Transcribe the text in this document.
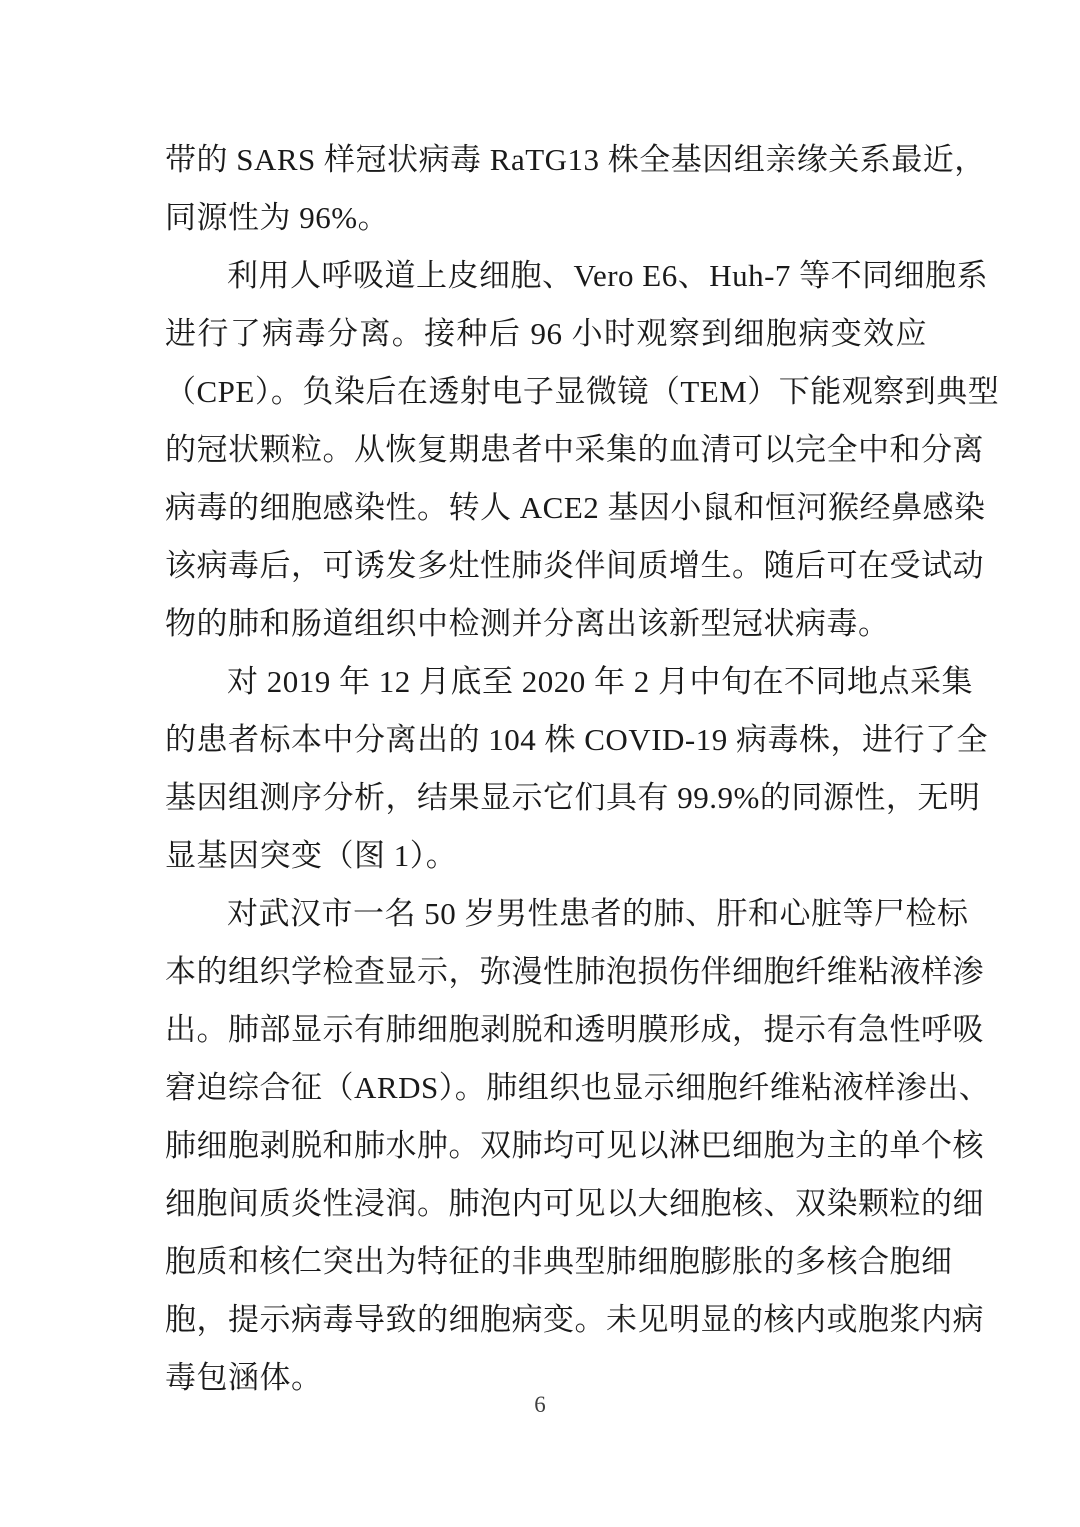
带的 SARS 样冠状病毒 RaTG13 株全基因组亲缘关系最近，
同源性为 96%。
利用人呼吸道上皮细胞、Vero E6、Huh-7 等不同细胞系
进行了病毒分离。接种后 96 小时观察到细胞病变效应
（CPE）。负染后在透射电子显微镜（TEM）下能观察到典型
的冠状颗粒。从恢复期患者中采集的血清可以完全中和分离
病毒的细胞感染性。转人 ACE2 基因小鼠和恒河猴经鼻感染
该病毒后，可诱发多灶性肺炎伴间质增生。随后可在受试动
物的肺和肠道组织中检测并分离出该新型冠状病毒。
对 2019 年 12 月底至 2020 年 2 月中旬在不同地点采集
的患者标本中分离出的 104 株 COVID-19 病毒株，进行了全
基因组测序分析，结果显示它们具有 99.9%的同源性，无明
显基因突变（图 1）。
对武汉市一名 50 岁男性患者的肺、肝和心脏等尸检标
本的组织学检查显示，弥漫性肺泡损伤伴细胞纤维粘液样渗
出。肺部显示有肺细胞剥脱和透明膜形成，提示有急性呼吸
窘迫综合征（ARDS）。肺组织也显示细胞纤维粘液样渗出、
肺细胞剥脱和肺水肿。双肺均可见以淋巴细胞为主的单个核
细胞间质炎性浸润。肺泡内可见以大细胞核、双染颗粒的细
胞质和核仁突出为特征的非典型肺细胞膨胀的多核合胞细
胞，提示病毒导致的细胞病变。未见明显的核内或胞浆内病
毒包涵体。
6
